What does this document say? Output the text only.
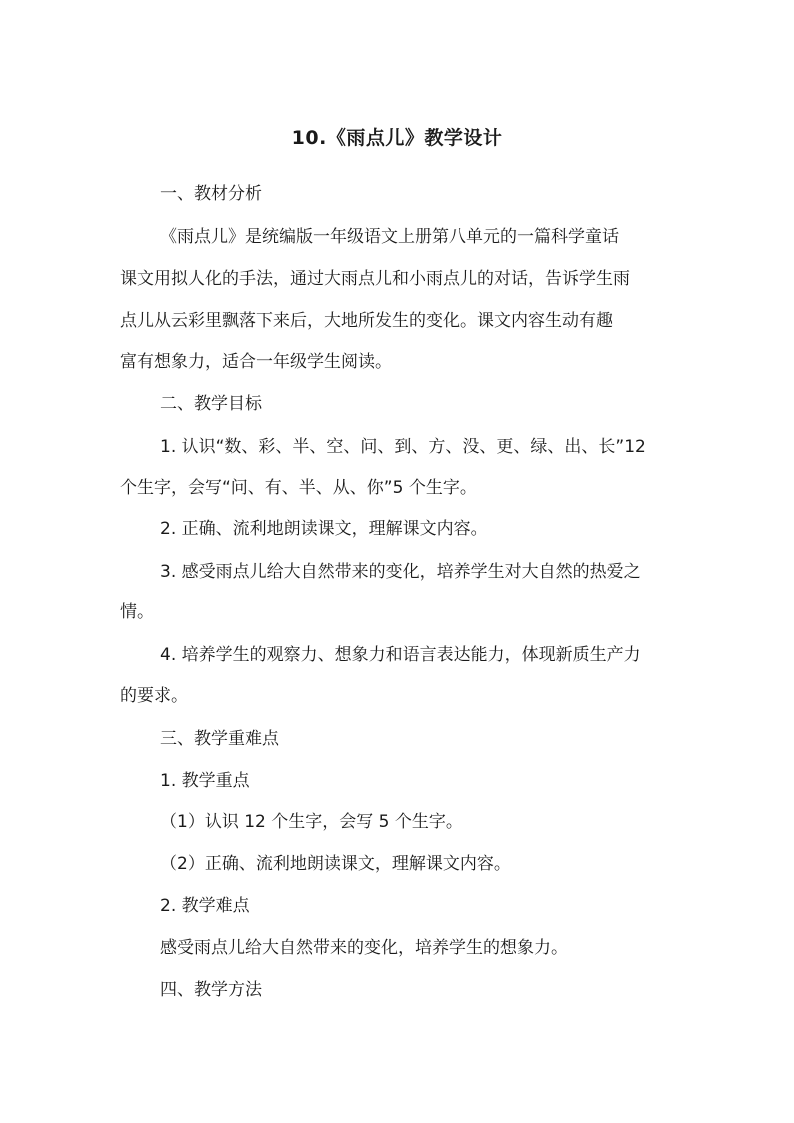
10.《雨点儿》教学设计
一、教材分析
《雨点儿》是统编版一年级语文上册第八单元的一篇科学童话
课文用拟人化的手法，通过大雨点儿和小雨点儿的对话，告诉学生雨
点儿从云彩里飘落下来后，大地所发生的变化。课文内容生动有趣
富有想象力，适合一年级学生阅读。
二、教学目标
1. 认识“数、彩、半、空、问、到、方、没、更、绿、出、长”12
个生字，会写“问、有、半、从、你”5 个生字。
2. 正确、流利地朗读课文，理解课文内容。
3. 感受雨点儿给大自然带来的变化，培养学生对大自然的热爱之
情。
4. 培养学生的观察力、想象力和语言表达能力，体现新质生产力
的要求。
三、教学重难点
1. 教学重点
（1）认识 12 个生字，会写 5 个生字。
（2）正确、流利地朗读课文，理解课文内容。
2. 教学难点
感受雨点儿给大自然带来的变化，培养学生的想象力。
四、教学方法
